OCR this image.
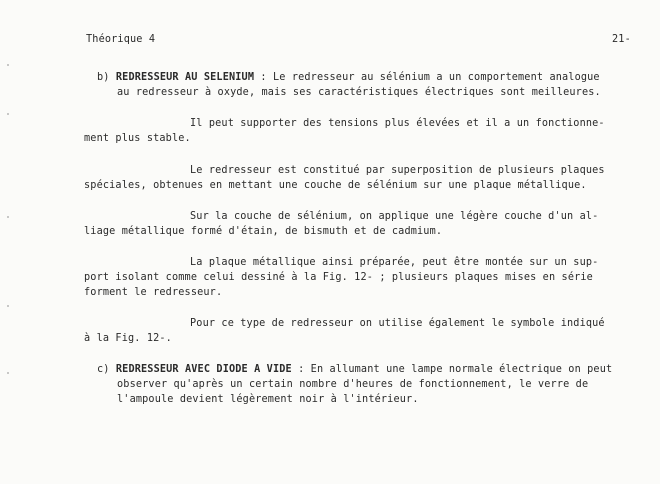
Théorique 4	21-
b) REDRESSEUR AU SELENIUM : Le redresseur au sélénium a un comportement analogue
au redresseur à oxyde, mais ses caractéristiques électriques sont meilleures.
Il peut supporter des tensions plus élevées et il a un fonctionne-
ment plus stable.
Le redresseur est constitué par superposition de plusieurs plaques
spéciales, obtenues en mettant une couche de sélénium sur une plaque métallique.
Sur la couche de sélénium, on applique une légère couche d'un al-
liage métallique formé d'étain, de bismuth et de cadmium.
La plaque métallique ainsi préparée, peut être montée sur un sup-
port isolant comme celui dessiné à la Fig. 12- ; plusieurs plaques mises en série
forment le redresseur.
Pour ce type de redresseur on utilise également le symbole indiqué
à la Fig. 12-.
c) REDRESSEUR AVEC DIODE A VIDE : En allumant une lampe normale électrique on peut
observer qu'après un certain nombre d'heures de fonctionnement, le verre de
l'ampoule devient légèrement noir à l'intérieur.
